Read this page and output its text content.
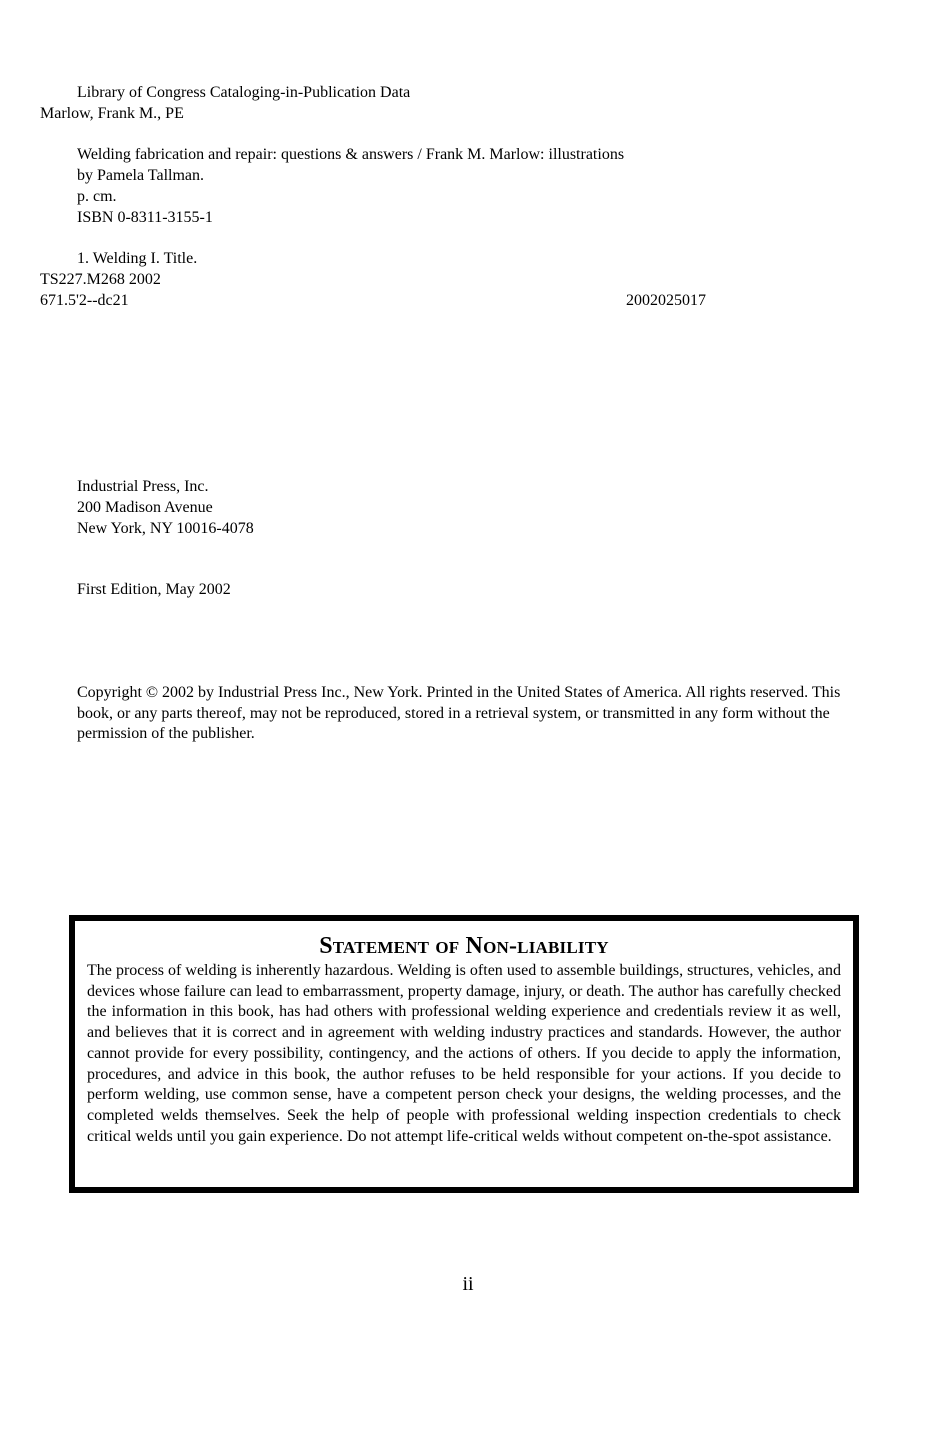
Library of Congress Cataloging-in-Publication Data
Marlow, Frank M., PE
Welding fabrication and repair: questions & answers / Frank M. Marlow: illustrations
by Pamela Tallman.
p. cm.
ISBN 0-8311-3155-1
1. Welding I. Title.
TS227.M268 2002
671.5'2--dc21	2002025017
Industrial Press, Inc.
200 Madison Avenue
New York, NY 10016-4078
First Edition, May 2002
Copyright © 2002 by Industrial Press Inc., New York. Printed in the United States of America. All rights reserved. This book, or any parts thereof, may not be reproduced, stored in a retrieval system, or transmitted in any form without the permission of the publisher.
Statement of Non-liability
The process of welding is inherently hazardous. Welding is often used to assemble buildings, structures, vehicles, and devices whose failure can lead to embarrassment, property damage, injury, or death. The author has carefully checked the information in this book, has had others with professional welding experience and credentials review it as well, and believes that it is correct and in agreement with welding industry practices and standards. However, the author cannot provide for every possibility, contingency, and the actions of others. If you decide to apply the information, procedures, and advice in this book, the author refuses to be held responsible for your actions. If you decide to perform welding, use common sense, have a competent person check your designs, the welding processes, and the completed welds themselves. Seek the help of people with professional welding inspection credentials to check critical welds until you gain experience. Do not attempt life-critical welds without competent on-the-spot assistance.
ii
